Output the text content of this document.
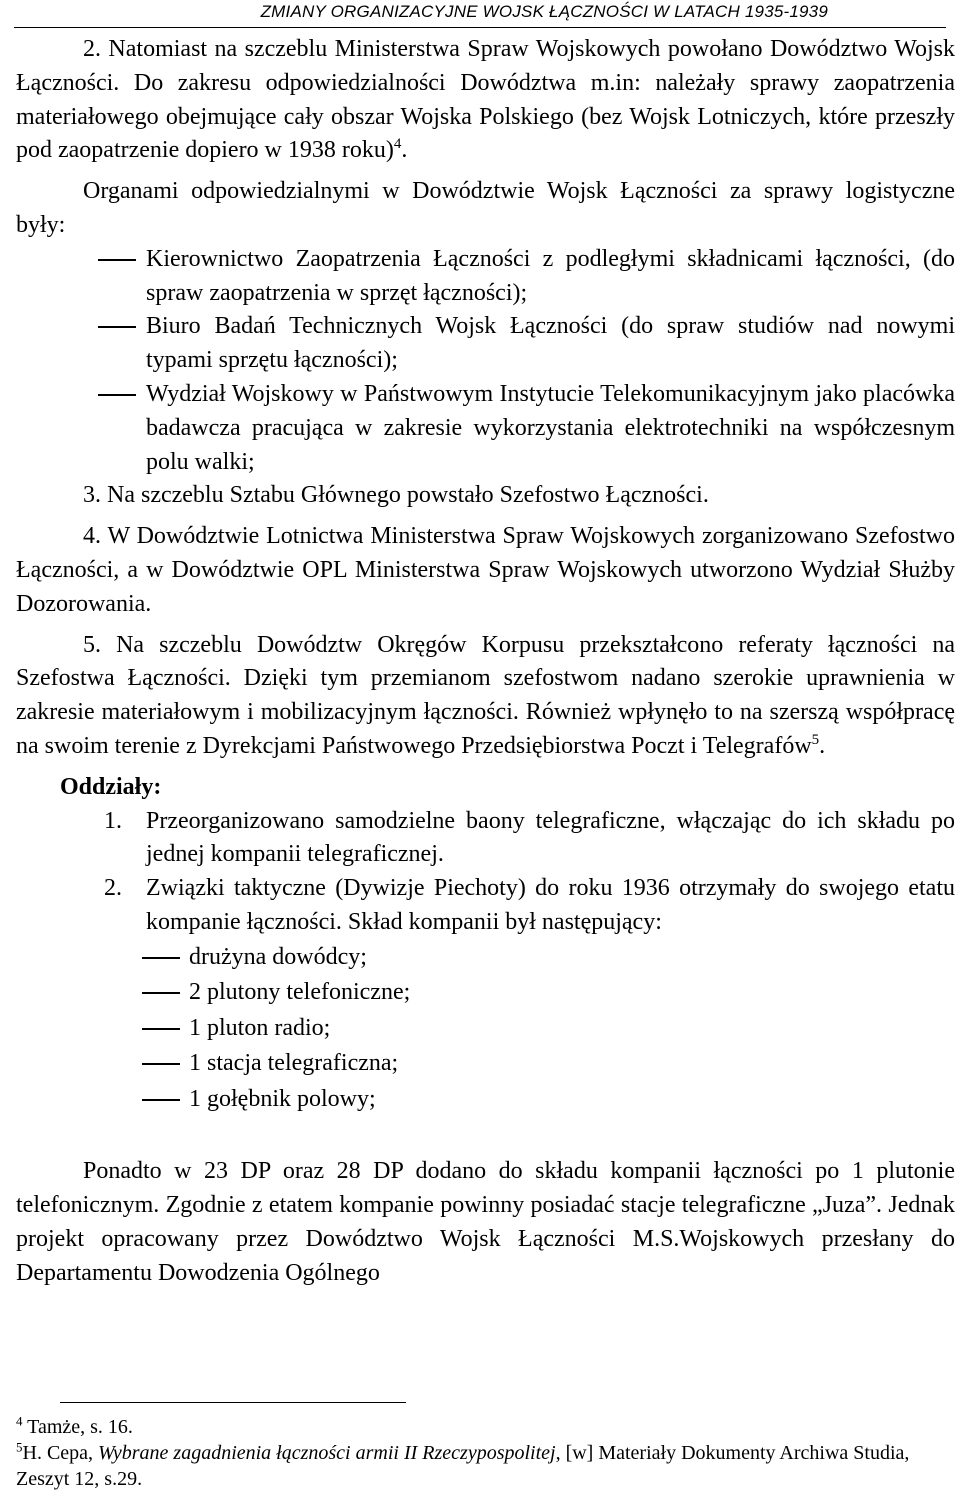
ZMIANY ORGANIZACYJNE WOJSK ŁĄCZNOŚCI W LATACH 1935-1939

2. Natomiast na szczeblu Ministerstwa Spraw Wojskowych powołano Dowództwo Wojsk Łączności. Do zakresu odpowiedzialności Dowództwa m.in: należały sprawy zaopatrzenia materiałowego obejmujące cały obszar Wojska Polskiego (bez Wojsk Lotniczych, które przeszły pod zaopatrzenie dopiero w 1938 roku)$^4$.

Organami odpowiedzialnymi w Dowództwie Wojsk Łączności za sprawy logistyczne były:

Kierownictwo Zaopatrzenia Łączności z podległymi składnicami łączności, (do spraw zaopatrzenia w sprzęt łączności);
Biuro Badań Technicznych Wojsk Łączności (do spraw studiów nad nowymi typami sprzętu łączności);
Wydział Wojskowy w Państwowym Instytucie Telekomunikacyjnym jako placówka badawcza pracująca w zakresie wykorzystania elektrotechniki na współczesnym polu walki;

3. Na szczeblu Sztabu Głównego powstało Szefostwo Łączności.

4. W Dowództwie Lotnictwa Ministerstwa Spraw Wojskowych zorganizowano Szefostwo Łączności, a w Dowództwie OPL Ministerstwa Spraw Wojskowych utworzono Wydział Służby Dozorowania.

5. Na szczeblu Dowództw Okręgów Korpusu przekształcono referaty łączności na Szefostwa Łączności. Dzięki tym przemianom szefostwom nadano szerokie uprawnienia w zakresie materiałowym i mobilizacyjnym łączności. Również wpłynęło to na szerszą współpracę na swoim terenie z Dyrekcjami Państwowego Przedsiębiorstwa Poczt i Telegrafów$^5$.

Oddziały:
1. Przeorganizowano samodzielne baony telegraficzne, włączając do ich składu po jednej kompanii telegraficznej.
2. Związki taktyczne (Dywizje Piechoty) do roku 1936 otrzymały do swojego etatu kompanie łączności. Skład kompanii był następujący:
drużyna dowódcy;
2 plutony telefoniczne;
1 pluton radio;
1 stacja telegraficzna;
1 gołębnik polowy;

Ponadto w 23 DP oraz 28 DP dodano do składu kompanii łączności po 1 plutonie telefonicznym. Zgodnie z etatem kompanie powinny posiadać stacje telegraficzne „Juza”. Jednak projekt opracowany przez Dowództwo Wojsk Łączności M.S.Wojskowych przesłany do Departamentu Dowodzenia Ogólnego

$^4$ Tamże, s. 16.
$^5$H. Cepa, Wybrane zagadnienia łączności armii II Rzeczypospolitej, [w] Materiały Dokumenty Archiwa Studia, Zeszyt 12, s.29.
